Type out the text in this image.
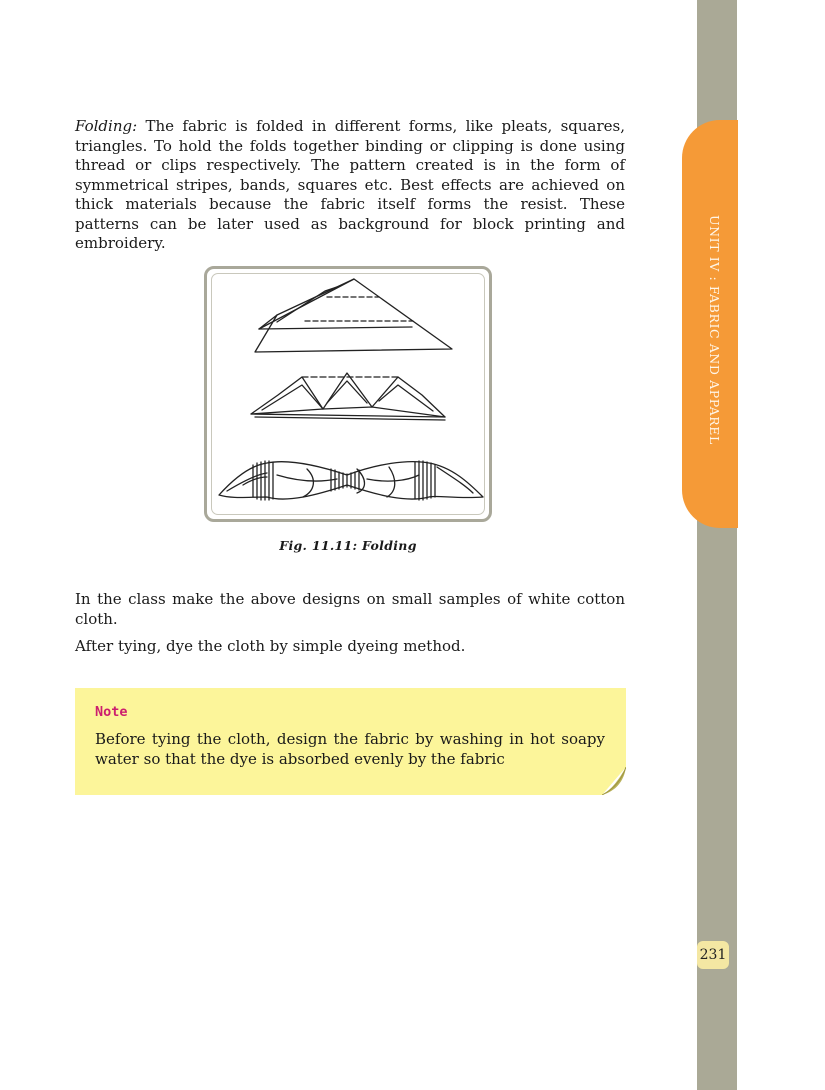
UNIT IV : FABRIC AND APPAREL
231

Folding: The fabric is folded in different forms, like pleats, squares, triangles. To hold the folds together binding or clipping is done using thread or clips respectively. The pattern created is in the form of symmetrical stripes, bands, squares etc. Best effects are achieved on thick materials because the fabric itself forms the resist. These patterns can be later used as background for block printing and embroidery.

Fig. 11.11: Folding

In the class make the above designs on small samples of white cotton cloth.

After tying, dye the cloth by simple dyeing method.

Note
Before tying the cloth, design the fabric by washing in hot soapy water so that the dye is absorbed evenly by the fabric
